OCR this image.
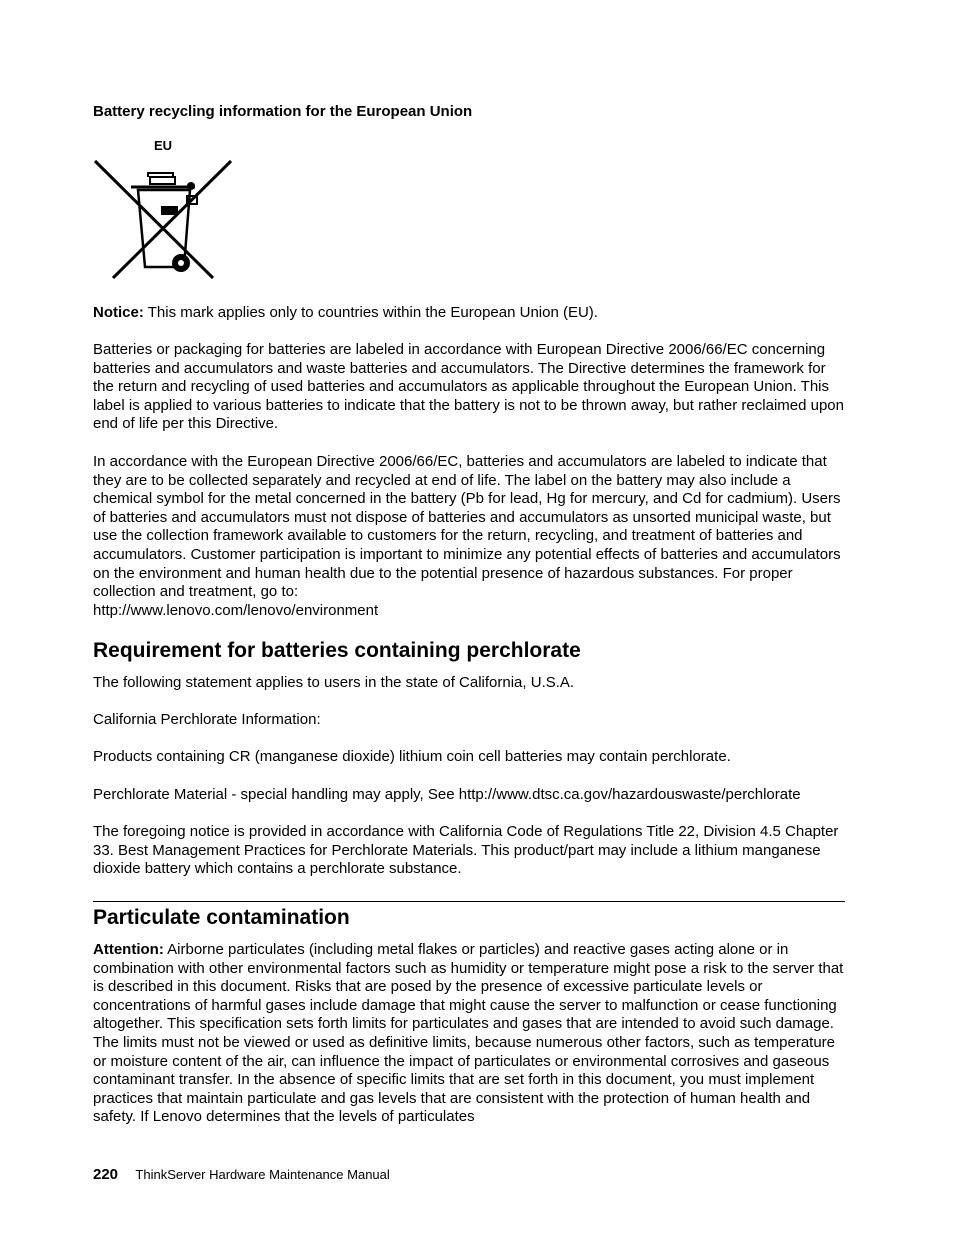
Battery recycling information for the European Union
EU

Notice: This mark applies only to countries within the European Union (EU).

Batteries or packaging for batteries are labeled in accordance with European Directive 2006/66/EC concerning batteries and accumulators and waste batteries and accumulators. The Directive determines the framework for the return and recycling of used batteries and accumulators as applicable throughout the European Union. This label is applied to various batteries to indicate that the battery is not to be thrown away, but rather reclaimed upon end of life per this Directive.

In accordance with the European Directive 2006/66/EC, batteries and accumulators are labeled to indicate that they are to be collected separately and recycled at end of life. The label on the battery may also include a chemical symbol for the metal concerned in the battery (Pb for lead, Hg for mercury, and Cd for cadmium). Users of batteries and accumulators must not dispose of batteries and accumulators as unsorted municipal waste, but use the collection framework available to customers for the return, recycling, and treatment of batteries and accumulators. Customer participation is important to minimize any potential effects of batteries and accumulators on the environment and human health due to the potential presence of hazardous substances. For proper collection and treatment, go to:
http://www.lenovo.com/lenovo/environment

Requirement for batteries containing perchlorate

The following statement applies to users in the state of California, U.S.A.

California Perchlorate Information:

Products containing CR (manganese dioxide) lithium coin cell batteries may contain perchlorate.

Perchlorate Material - special handling may apply, See http://www.dtsc.ca.gov/hazardouswaste/perchlorate

The foregoing notice is provided in accordance with California Code of Regulations Title 22, Division 4.5 Chapter 33. Best Management Practices for Perchlorate Materials. This product/part may include a lithium manganese dioxide battery which contains a perchlorate substance.

Particulate contamination

Attention: Airborne particulates (including metal flakes or particles) and reactive gases acting alone or in combination with other environmental factors such as humidity or temperature might pose a risk to the server that is described in this document. Risks that are posed by the presence of excessive particulate levels or concentrations of harmful gases include damage that might cause the server to malfunction or cease functioning altogether. This specification sets forth limits for particulates and gases that are intended to avoid such damage. The limits must not be viewed or used as definitive limits, because numerous other factors, such as temperature or moisture content of the air, can influence the impact of particulates or environmental corrosives and gaseous contaminant transfer. In the absence of specific limits that are set forth in this document, you must implement practices that maintain particulate and gas levels that are consistent with the protection of human health and safety. If Lenovo determines that the levels of particulates

220 ThinkServer Hardware Maintenance Manual
